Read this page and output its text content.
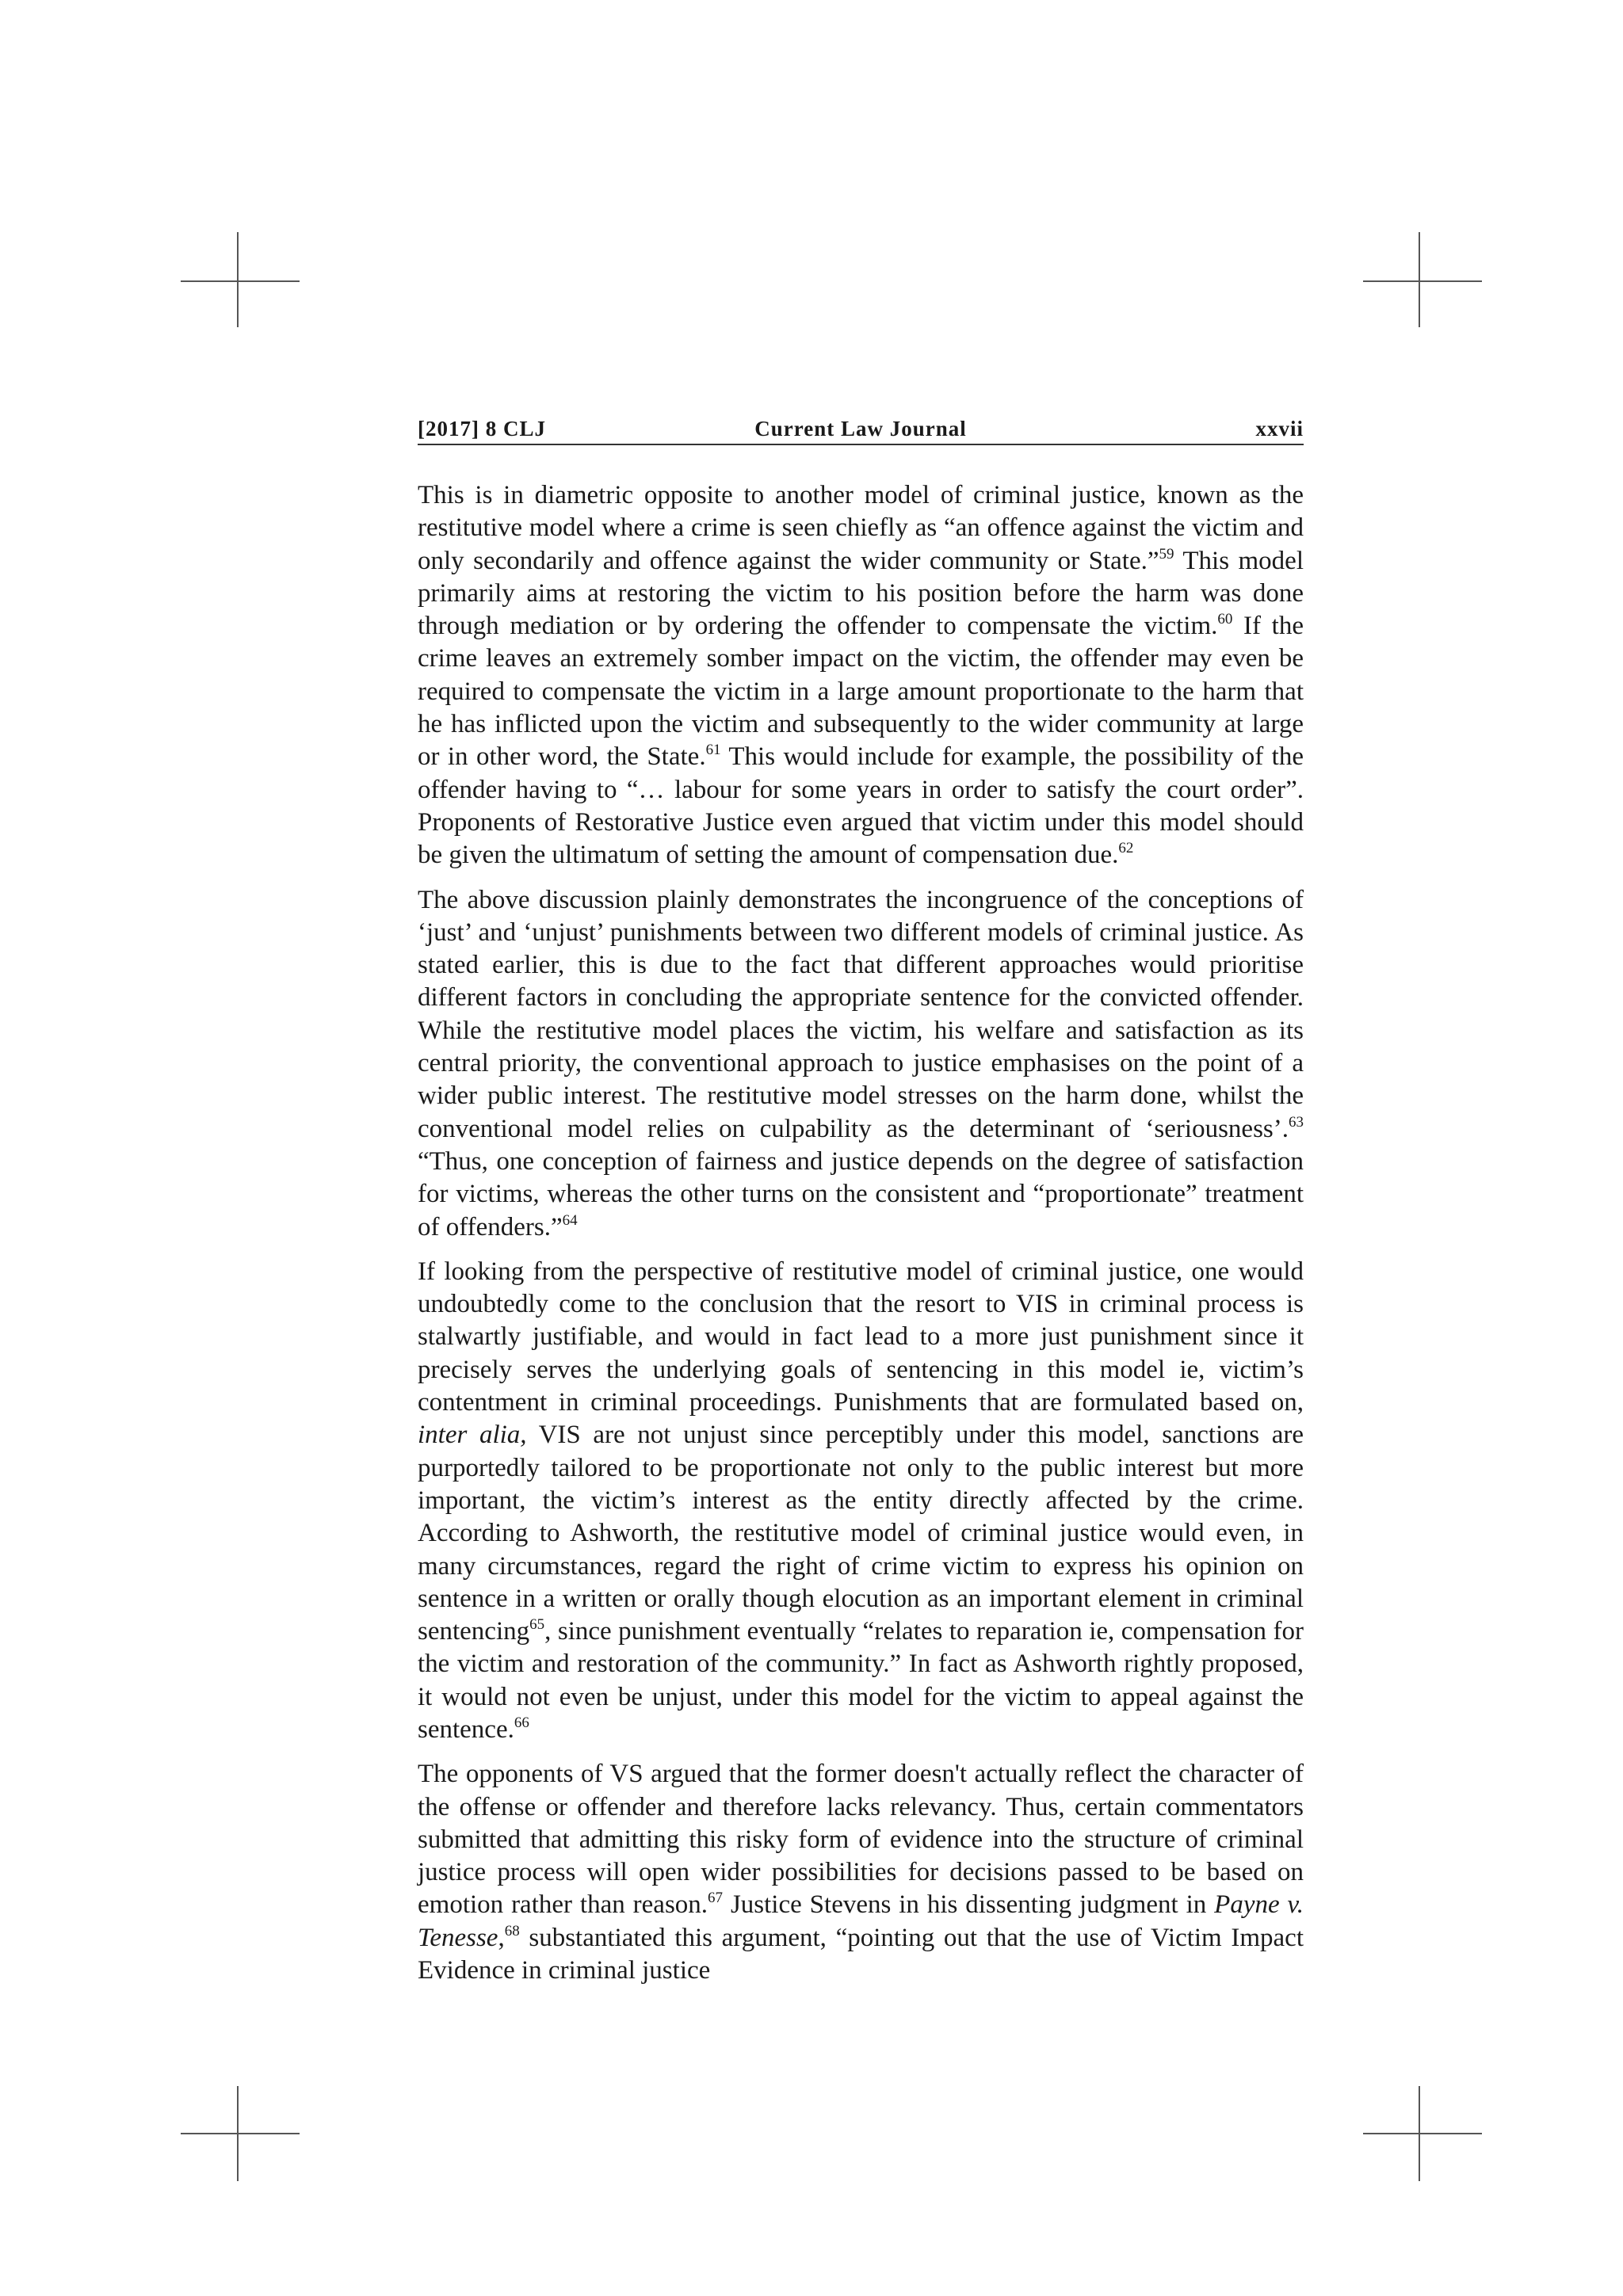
[2017] 8 CLJ	Current Law Journal	xxvii

This is in diametric opposite to another model of criminal justice, known as the restitutive model where a crime is seen chiefly as “an offence against the victim and only secondarily and offence against the wider community or State.”$^{59}$ This model primarily aims at restoring the victim to his position before the harm was done through mediation or by ordering the offender to compensate the victim.$^{60}$ If the crime leaves an extremely somber impact on the victim, the offender may even be required to compensate the victim in a large amount proportionate to the harm that he has inflicted upon the victim and subsequently to the wider community at large or in other word, the State.$^{61}$ This would include for example, the possibility of the offender having to “… labour for some years in order to satisfy the court order”. Proponents of Restorative Justice even argued that victim under this model should be given the ultimatum of setting the amount of compensation due.$^{62}$

The above discussion plainly demonstrates the incongruence of the conceptions of ‘just’ and ‘unjust’ punishments between two different models of criminal justice. As stated earlier, this is due to the fact that different approaches would prioritise different factors in concluding the appropriate sentence for the convicted offender. While the restitutive model places the victim, his welfare and satisfaction as its central priority, the conventional approach to justice emphasises on the point of a wider public interest. The restitutive model stresses on the harm done, whilst the conventional model relies on culpability as the determinant of ‘seriousness’.$^{63}$ “Thus, one conception of fairness and justice depends on the degree of satisfaction for victims, whereas the other turns on the consistent and “proportionate” treatment of offenders.”$^{64}$

If looking from the perspective of restitutive model of criminal justice, one would undoubtedly come to the conclusion that the resort to VIS in criminal process is stalwartly justifiable, and would in fact lead to a more just punishment since it precisely serves the underlying goals of sentencing in this model ie, victim’s contentment in criminal proceedings. Punishments that are formulated based on, inter alia, VIS are not unjust since perceptibly under this model, sanctions are purportedly tailored to be proportionate not only to the public interest but more important, the victim’s interest as the entity directly affected by the crime. According to Ashworth, the restitutive model of criminal justice would even, in many circumstances, regard the right of crime victim to express his opinion on sentence in a written or orally though elocution as an important element in criminal sentencing$^{65}$, since punishment eventually “relates to reparation ie, compensation for the victim and restoration of the community.” In fact as Ashworth rightly proposed, it would not even be unjust, under this model for the victim to appeal against the sentence.$^{66}$

The opponents of VS argued that the former doesn't actually reflect the character of the offense or offender and therefore lacks relevancy. Thus, certain commentators submitted that admitting this risky form of evidence into the structure of criminal justice process will open wider possibilities for decisions passed to be based on emotion rather than reason.$^{67}$ Justice Stevens in his dissenting judgment in Payne v. Tenesse,$^{68}$ substantiated this argument, “pointing out that the use of Victim Impact Evidence in criminal justice
